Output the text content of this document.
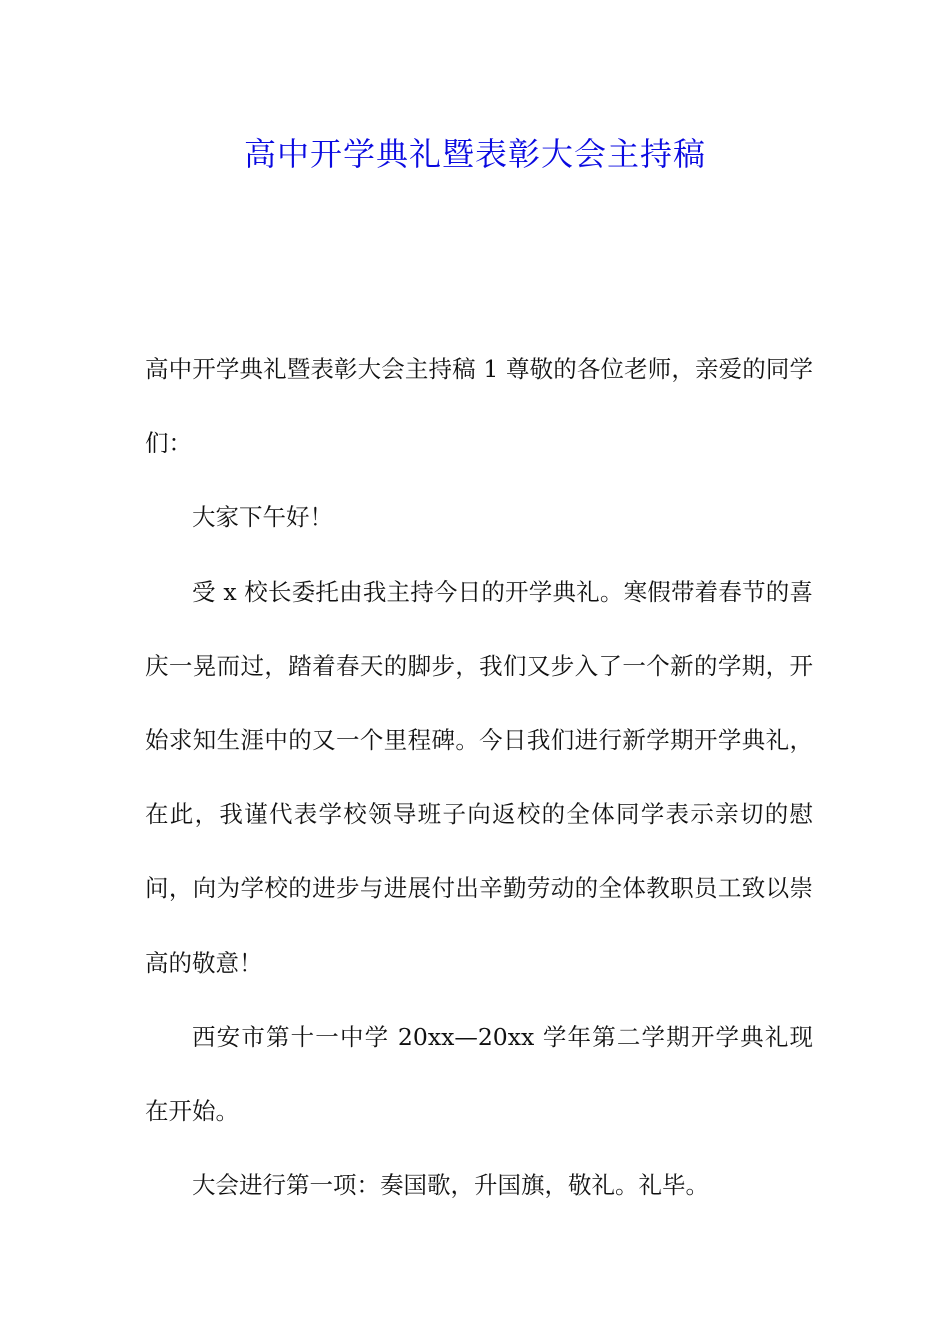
高中开学典礼暨表彰大会主持稿

高中开学典礼暨表彰大会主持稿 1 尊敬的各位老师，亲爱的同学们：

大家下午好！

受 x 校长委托由我主持今日的开学典礼。寒假带着春节的喜庆一晃而过，踏着春天的脚步，我们又步入了一个新的学期，开始求知生涯中的又一个里程碑。今日我们进行新学期开学典礼，在此，我谨代表学校领导班子向返校的全体同学表示亲切的慰问，向为学校的进步与进展付出辛勤劳动的全体教职员工致以崇高的敬意！

西安市第十一中学 20xx—20xx 学年第二学期开学典礼现在开始。

大会进行第一项：奏国歌，升国旗，敬礼。礼毕。
